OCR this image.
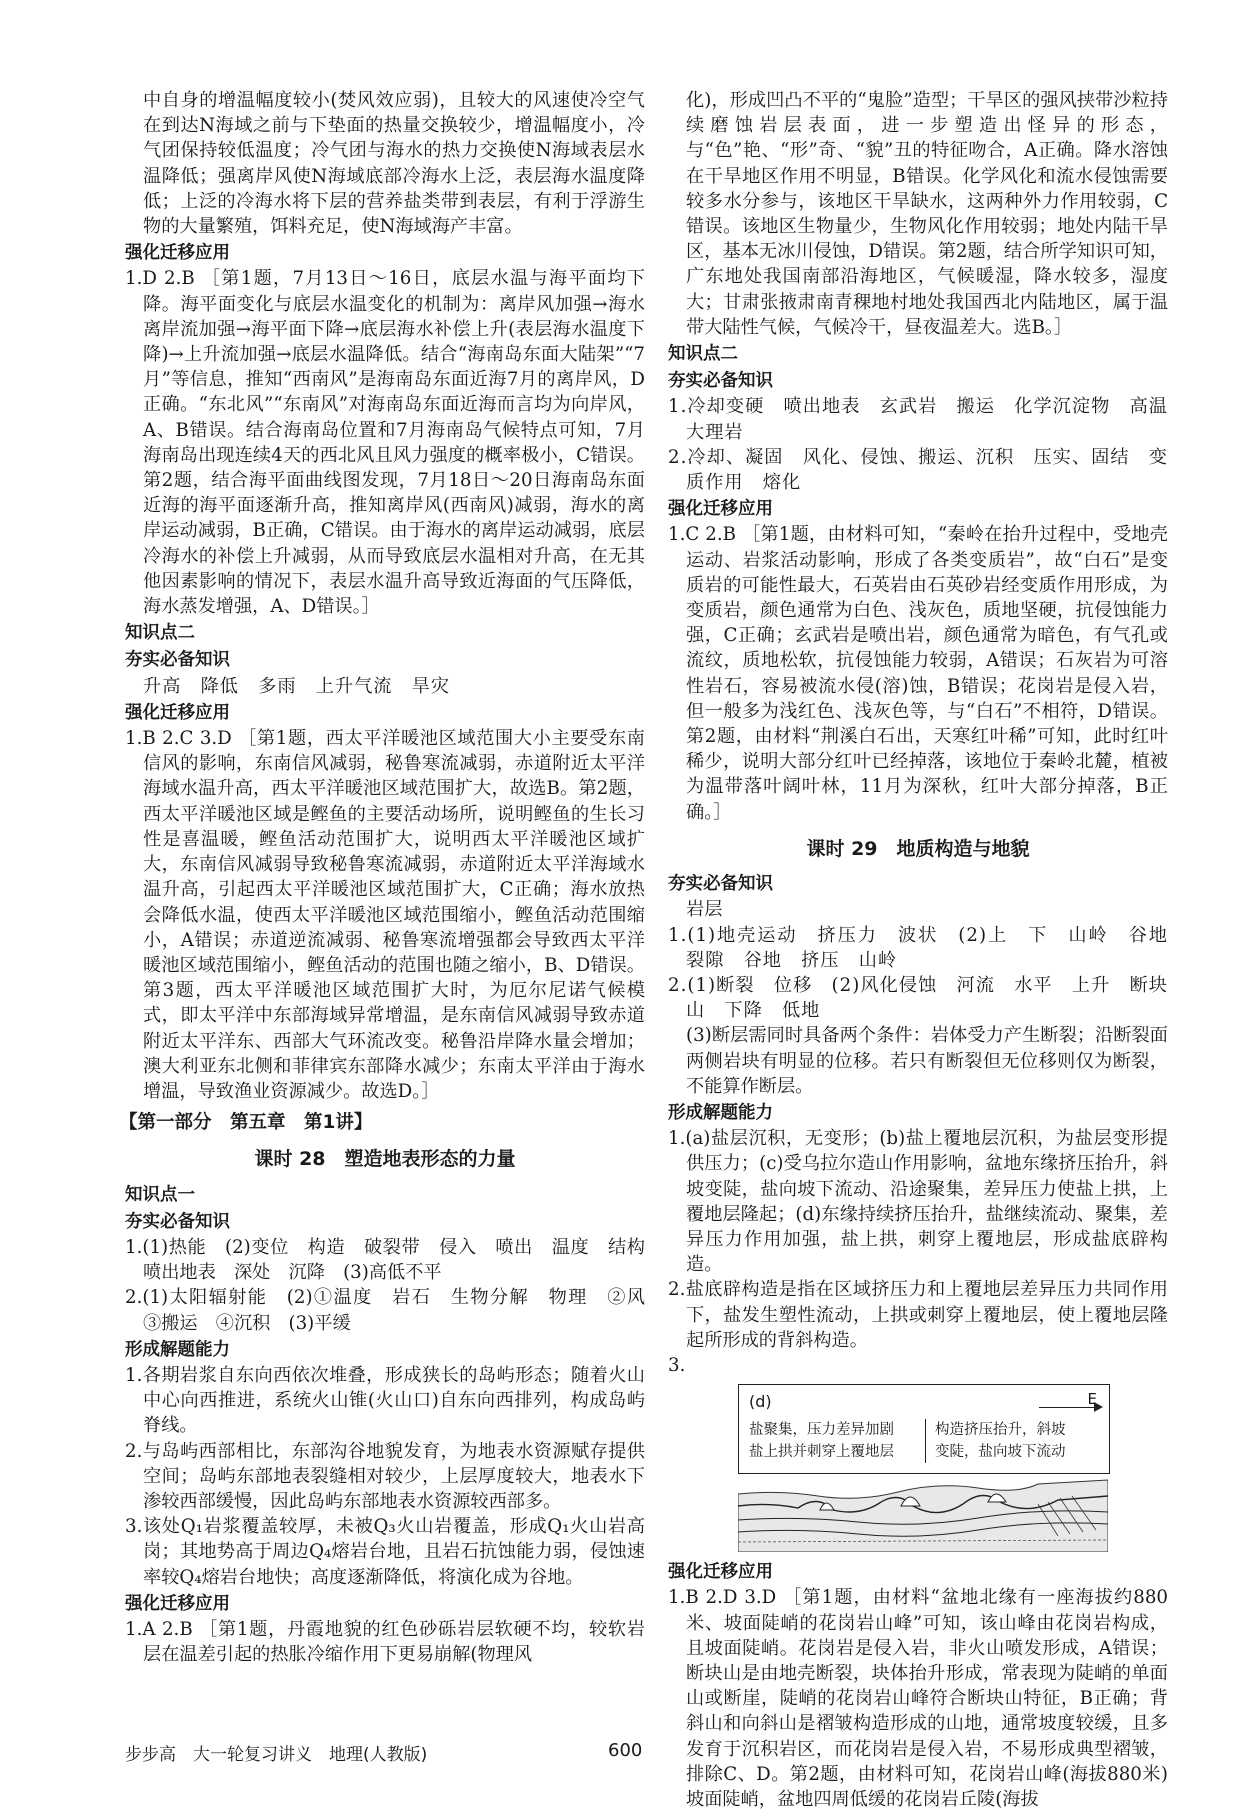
中自身的增温幅度较小(焚风效应弱)，且较大的风速使冷空气在到达N海域之前与下垫面的热量交换较少，增温幅度小，冷气团保持较低温度；冷气团与海水的热力交换使N海域表层水温降低；强离岸风使N海域底部冷海水上泛，表层海水温度降低；上泛的冷海水将下层的营养盐类带到表层，有利于浮游生物的大量繁殖，饵料充足，使N海域海产丰富。

强化迁移应用

1.D 2.B ［第1题，7月13日～16日，底层水温与海平面均下降。海平面变化与底层水温变化的机制为：离岸风加强→海水离岸流加强→海平面下降→底层海水补偿上升(表层海水温度下降)→上升流加强→底层水温降低。结合“海南岛东面大陆架”“7月”等信息，推知“西南风”是海南岛东面近海7月的离岸风，D正确。“东北风”“东南风”对海南岛东面近海而言均为向岸风，A、B错误。结合海南岛位置和7月海南岛气候特点可知，7月海南岛出现连续4天的西北风且风力强度的概率极小，C错误。第2题，结合海平面曲线图发现，7月18日～20日海南岛东面近海的海平面逐渐升高，推知离岸风(西南风)减弱，海水的离岸运动减弱，B正确，C错误。由于海水的离岸运动减弱，底层冷海水的补偿上升减弱，从而导致底层水温相对升高，在无其他因素影响的情况下，表层水温升高导致近海面的气压降低，海水蒸发增强，A、D错误。］

知识点二

夯实必备知识

升高　降低　多雨　上升气流　旱灾

强化迁移应用

1.B 2.C 3.D ［第1题，西太平洋暖池区域范围大小主要受东南信风的影响，东南信风减弱，秘鲁寒流减弱，赤道附近太平洋海域水温升高，西太平洋暖池区域范围扩大，故选B。第2题，西太平洋暖池区域是鲣鱼的主要活动场所，说明鲣鱼的生长习性是喜温暖，鲣鱼活动范围扩大，说明西太平洋暖池区域扩大，东南信风减弱导致秘鲁寒流减弱，赤道附近太平洋海域水温升高，引起西太平洋暖池区域范围扩大，C正确；海水放热会降低水温，使西太平洋暖池区域范围缩小，鲣鱼活动范围缩小，A错误；赤道逆流减弱、秘鲁寒流增强都会导致西太平洋暖池区域范围缩小，鲣鱼活动的范围也随之缩小，B、D错误。第3题，西太平洋暖池区域范围扩大时，为厄尔尼诺气候模式，即太平洋中东部海域异常增温，是东南信风减弱导致赤道附近太平洋东、西部大气环流改变。秘鲁沿岸降水量会增加；澳大利亚东北侧和菲律宾东部降水减少；东南太平洋由于海水增温，导致渔业资源减少。故选D。］

【第一部分　第五章　第1讲】

课时 28　塑造地表形态的力量

知识点一

夯实必备知识

1.(1)热能　(2)变位　构造　破裂带　侵入　喷出　温度　结构　喷出地表　深处　沉降　(3)高低不平

2.(1)太阳辐射能　(2)①温度　岩石　生物分解　物理　②风　③搬运　④沉积　(3)平缓

形成解题能力

1.各期岩浆自东向西依次堆叠，形成狭长的岛屿形态；随着火山中心向西推进，系统火山锥(火山口)自东向西排列，构成岛屿脊线。

2.与岛屿西部相比，东部沟谷地貌发育，为地表水资源赋存提供空间；岛屿东部地表裂缝相对较少，上层厚度较大，地表水下渗较西部缓慢，因此岛屿东部地表水资源较西部多。

3.该处Q₁岩浆覆盖较厚，未被Q₃火山岩覆盖，形成Q₁火山岩高岗；其地势高于周边Q₄熔岩台地，且岩石抗蚀能力弱，侵蚀速率较Q₄熔岩台地快；高度逐渐降低，将演化成为谷地。

强化迁移应用

1.A 2.B ［第1题，丹霞地貌的红色砂砾岩层软硬不均，较软岩层在温差引起的热胀冷缩作用下更易崩解(物理风

化)，形成凹凸不平的“鬼脸”造型；干旱区的强风挟带沙粒持续磨蚀岩层表面，进一步塑造出怪异的形态，与“色”艳、“形”奇、“貌”丑的特征吻合，A正确。降水溶蚀在干旱地区作用不明显，B错误。化学风化和流水侵蚀需要较多水分参与，该地区干旱缺水，这两种外力作用较弱，C错误。该地区生物量少，生物风化作用较弱；地处内陆干旱区，基本无冰川侵蚀，D错误。第2题，结合所学知识可知，广东地处我国南部沿海地区，气候暖湿，降水较多，湿度大；甘肃张掖肃南青稞地村地处我国西北内陆地区，属于温带大陆性气候，气候冷干，昼夜温差大。选B。］

知识点二

夯实必备知识

1.冷却变硬　喷出地表　玄武岩　搬运　化学沉淀物　高温　大理岩

2.冷却、凝固　风化、侵蚀、搬运、沉积　压实、固结　变质作用　熔化

强化迁移应用

1.C 2.B ［第1题，由材料可知，“秦岭在抬升过程中，受地壳运动、岩浆活动影响，形成了各类变质岩”，故“白石”是变质岩的可能性最大，石英岩由石英砂岩经变质作用形成，为变质岩，颜色通常为白色、浅灰色，质地坚硬，抗侵蚀能力强，C正确；玄武岩是喷出岩，颜色通常为暗色，有气孔或流纹，质地松软，抗侵蚀能力较弱，A错误；石灰岩为可溶性岩石，容易被流水侵(溶)蚀，B错误；花岗岩是侵入岩，但一般多为浅红色、浅灰色等，与“白石”不相符，D错误。第2题，由材料“荆溪白石出，天寒红叶稀”可知，此时红叶稀少，说明大部分红叶已经掉落，该地位于秦岭北麓，植被为温带落叶阔叶林，11月为深秋，红叶大部分掉落，B正确。］

课时 29　地质构造与地貌

夯实必备知识

岩层

1.(1)地壳运动　挤压力　波状　(2)上　下　山岭　谷地　裂隙　谷地　挤压　山岭

2.(1)断裂　位移　(2)风化侵蚀　河流　水平　上升　断块山　下降　低地

(3)断层需同时具备两个条件：岩体受力产生断裂；沿断裂面两侧岩块有明显的位移。若只有断裂但无位移则仅为断裂，不能算作断层。

形成解题能力

1.(a)盐层沉积，无变形；(b)盐上覆地层沉积，为盐层变形提供压力；(c)受乌拉尔造山作用影响，盆地东缘挤压抬升，斜坡变陡，盐向坡下流动、沿途聚集，差异压力使盐上拱，上覆地层隆起；(d)东缘持续挤压抬升，盐继续流动、聚集，差异压力作用加强，盐上拱，刺穿上覆地层，形成盐底辟构造。

2.盐底辟构造是指在区域挤压力和上覆地层差异压力共同作用下，盐发生塑性流动，上拱或刺穿上覆地层，使上覆地层隆起所形成的背斜构造。

3.

(d)	E
盐聚集，压力差异加剧
盐上拱并刺穿上覆地层
构造挤压抬升，斜坡
变陡，盐向坡下流动

强化迁移应用

1.B 2.D 3.D ［第1题，由材料“盆地北缘有一座海拔约880米、坡面陡峭的花岗岩山峰”可知，该山峰由花岗岩构成，且坡面陡峭。花岗岩是侵入岩，非火山喷发形成，A错误；断块山是由地壳断裂，块体抬升形成，常表现为陡峭的单面山或断崖，陡峭的花岗岩山峰符合断块山特征，B正确；背斜山和向斜山是褶皱构造形成的山地，通常坡度较缓，且多发育于沉积岩区，而花岗岩是侵入岩，不易形成典型褶皱，排除C、D。第2题，由材料可知，花岗岩山峰(海拔880米)坡面陡峭，盆地四周低缓的花岗岩丘陵(海拔

步步高　大一轮复习讲义　地理(人教版)	600
